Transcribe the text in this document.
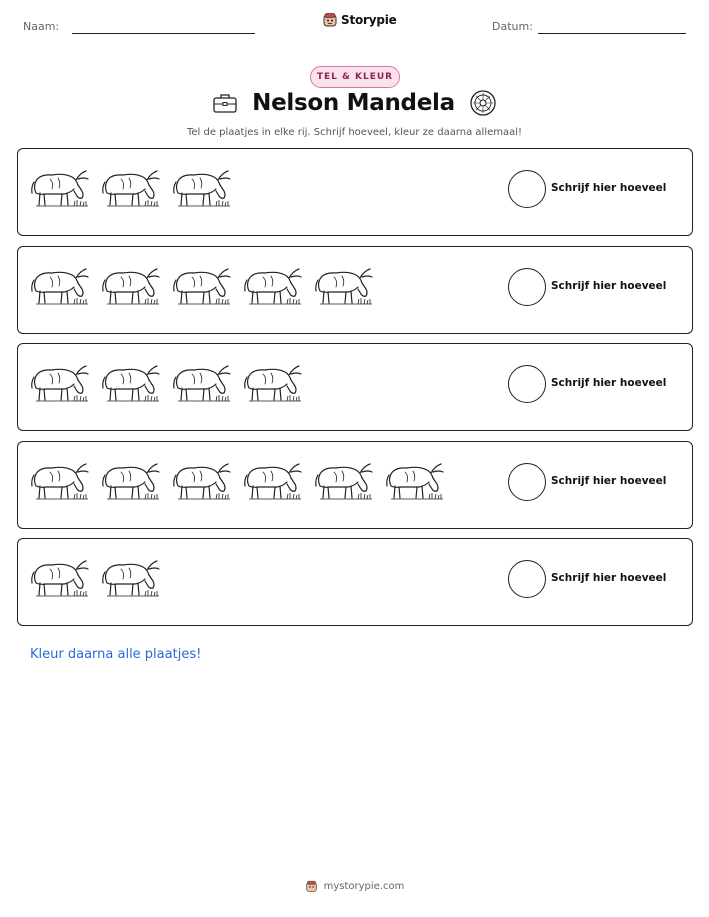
Naam:	Storypie	Datum:
TEL & KLEUR
Nelson Mandela
Tel de plaatjes in elke rij. Schrijf hoeveel, kleur ze daarna allemaal!
Schrijf hier hoeveel
Schrijf hier hoeveel
Schrijf hier hoeveel
Schrijf hier hoeveel
Schrijf hier hoeveel
Kleur daarna alle plaatjes!
mystorypie.com
